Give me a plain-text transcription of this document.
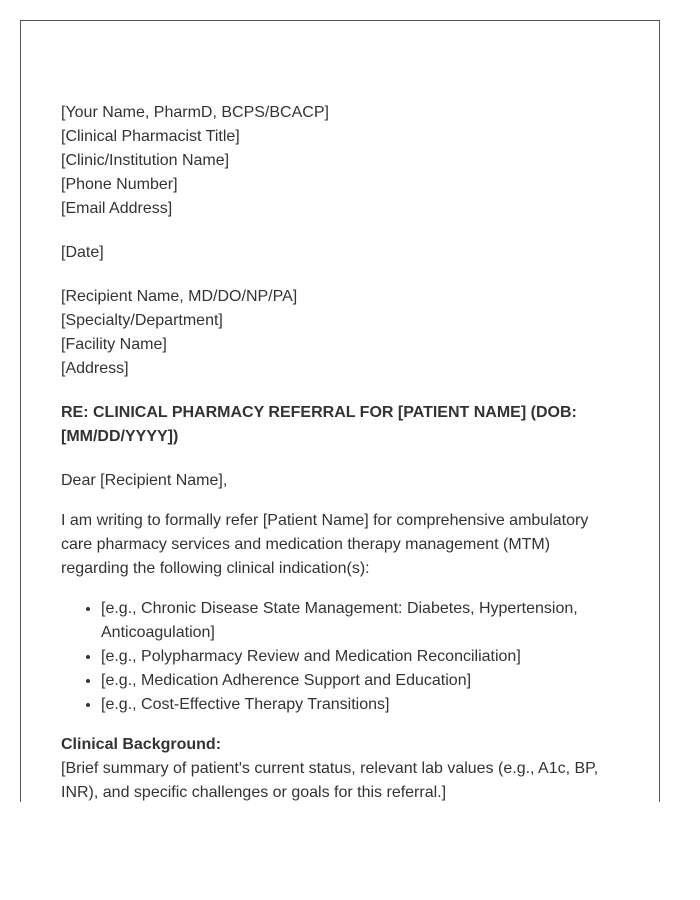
[Your Name, PharmD, BCPS/BCACP]
[Clinical Pharmacist Title]
[Clinic/Institution Name]
[Phone Number]
[Email Address]
[Date]
[Recipient Name, MD/DO/NP/PA]
[Specialty/Department]
[Facility Name]
[Address]
RE: CLINICAL PHARMACY REFERRAL FOR [PATIENT NAME] (DOB: [MM/DD/YYYY])
Dear [Recipient Name],
I am writing to formally refer [Patient Name] for comprehensive ambulatory care pharmacy services and medication therapy management (MTM) regarding the following clinical indication(s):
• [e.g., Chronic Disease State Management: Diabetes, Hypertension, Anticoagulation]
• [e.g., Polypharmacy Review and Medication Reconciliation]
• [e.g., Medication Adherence Support and Education]
• [e.g., Cost-Effective Therapy Transitions]
Clinical Background:
[Brief summary of patient's current status, relevant lab values (e.g., A1c, BP, INR), and specific challenges or goals for this referral.]
